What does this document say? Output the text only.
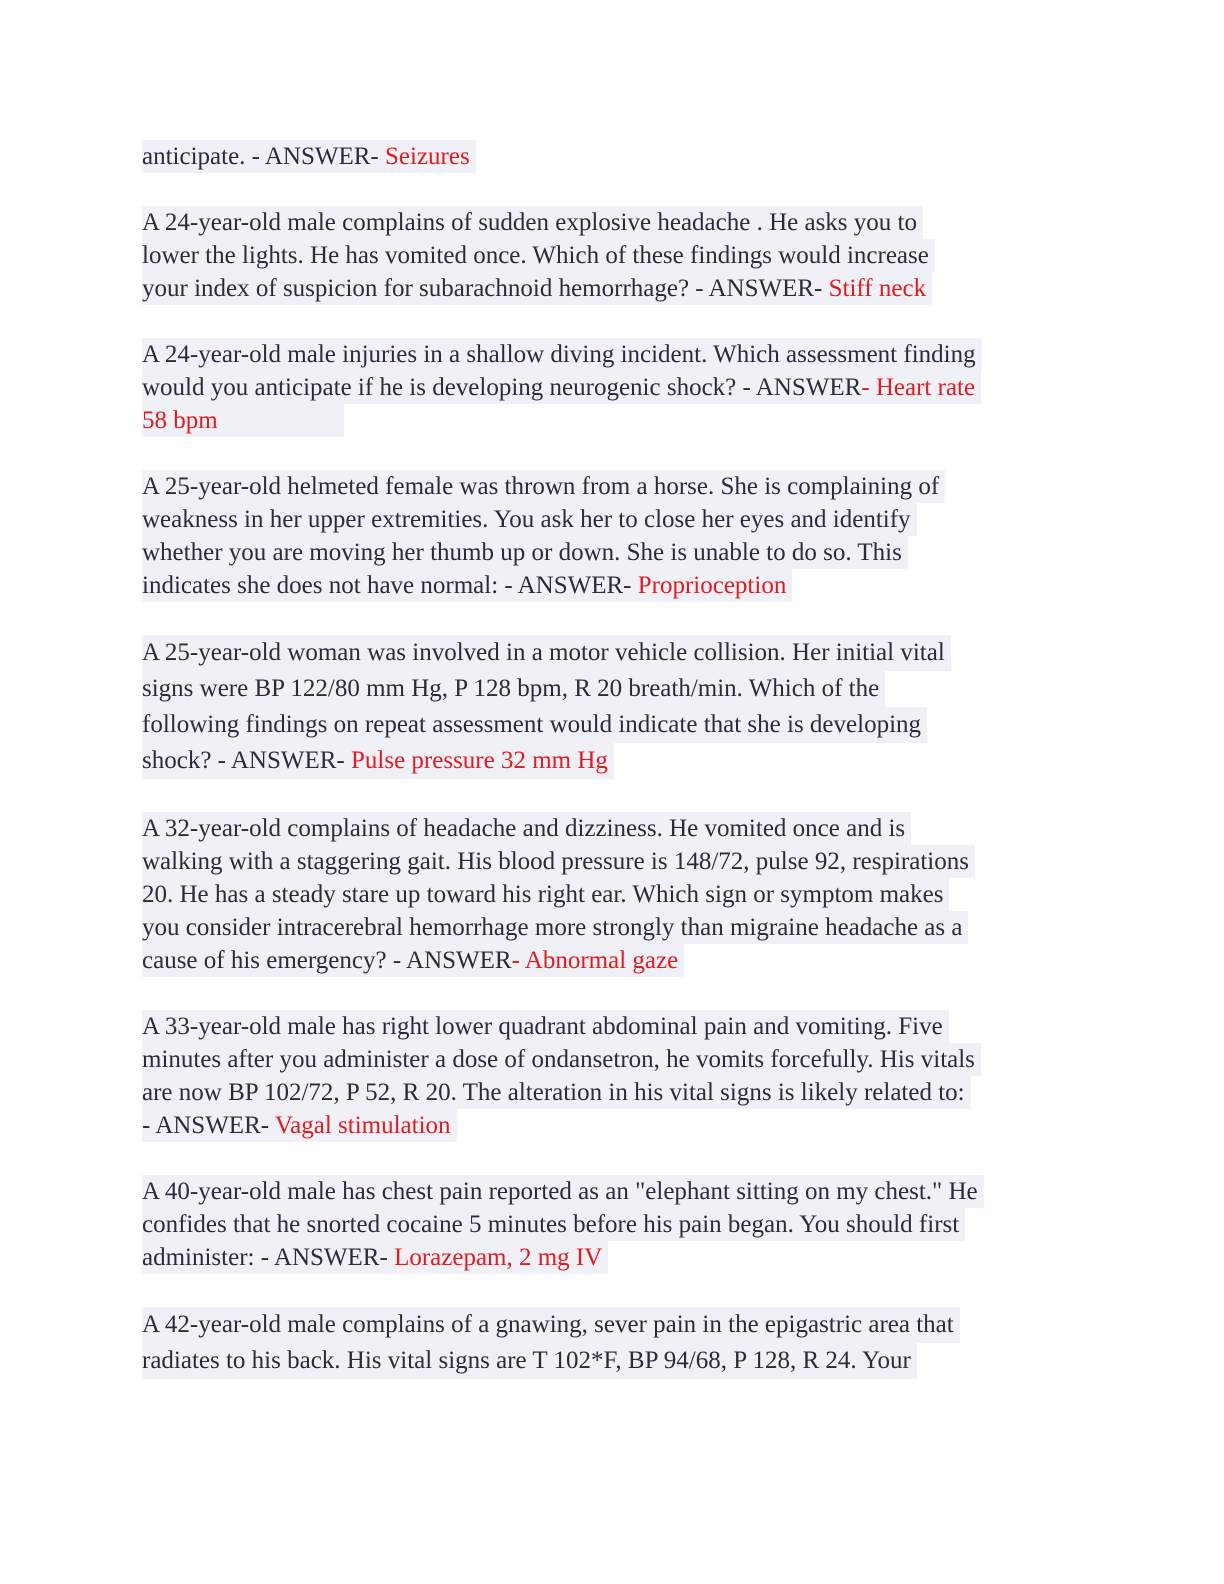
anticipate. - ANSWER- Seizures
A 24-year-old male complains of sudden explosive headache . He asks you to
lower the lights. He has vomited once. Which of these findings would increase
your index of suspicion for subarachnoid hemorrhage? - ANSWER- Stiff neck
A 24-year-old male injuries in a shallow diving incident. Which assessment finding
would you anticipate if he is developing neurogenic shock? - ANSWER- Heart rate
58 bpm
A 25-year-old helmeted female was thrown from a horse. She is complaining of
weakness in her upper extremities. You ask her to close her eyes and identify
whether you are moving her thumb up or down. She is unable to do so. This
indicates she does not have normal: - ANSWER- Proprioception
A 25-year-old woman was involved in a motor vehicle collision. Her initial vital
signs were BP 122/80 mm Hg, P 128 bpm, R 20 breath/min. Which of the
following findings on repeat assessment would indicate that she is developing
shock? - ANSWER- Pulse pressure 32 mm Hg
A 32-year-old complains of headache and dizziness. He vomited once and is
walking with a staggering gait. His blood pressure is 148/72, pulse 92, respirations
20. He has a steady stare up toward his right ear. Which sign or symptom makes
you consider intracerebral hemorrhage more strongly than migraine headache as a
cause of his emergency? - ANSWER- Abnormal gaze
A 33-year-old male has right lower quadrant abdominal pain and vomiting. Five
minutes after you administer a dose of ondansetron, he vomits forcefully. His vitals
are now BP 102/72, P 52, R 20. The alteration in his vital signs is likely related to:
- ANSWER- Vagal stimulation
A 40-year-old male has chest pain reported as an "elephant sitting on my chest." He
confides that he snorted cocaine 5 minutes before his pain began. You should first
administer: - ANSWER- Lorazepam, 2 mg IV
A 42-year-old male complains of a gnawing, sever pain in the epigastric area that
radiates to his back. His vital signs are T 102*F, BP 94/68, P 128, R 24. Your
